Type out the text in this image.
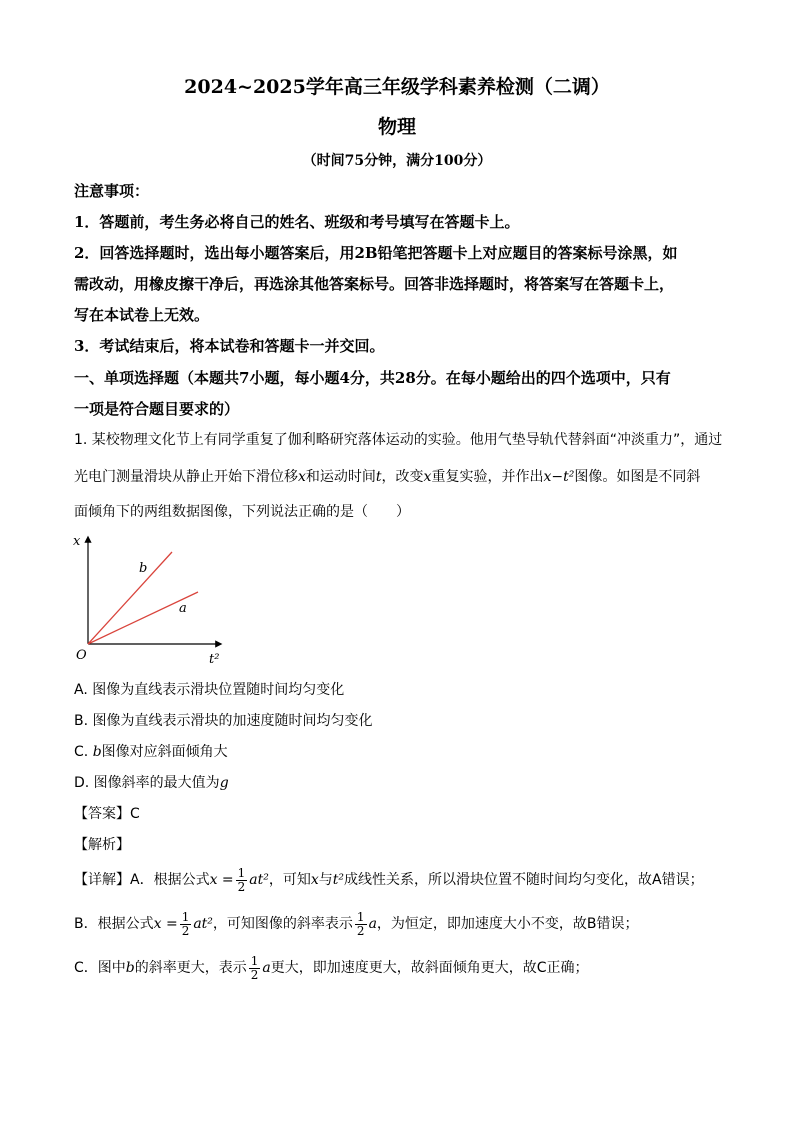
2024~2025学年高三年级学科素养检测（二调）
物理
（时间75分钟，满分100分）
注意事项：
1．答题前，考生务必将自己的姓名、班级和考号填写在答题卡上。
2．回答选择题时，选出每小题答案后，用2B铅笔把答题卡上对应题目的答案标号涂黑，如
需改动，用橡皮擦干净后，再选涂其他答案标号。回答非选择题时，将答案写在答题卡上，
写在本试卷上无效。
3．考试结束后，将本试卷和答题卡一并交回。
一、单项选择题（本题共7小题，每小题4分，共28分。在每小题给出的四个选项中，只有
一项是符合题目要求的）
1. 某校物理文化节上有同学重复了伽利略研究落体运动的实验。他用气垫导轨代替斜面“冲淡重力”，通过
光电门测量滑块从静止开始下滑位移x和运动时间t，改变x重复实验，并作出x−t²图像。如图是不同斜
面倾角下的两组数据图像，下列说法正确的是（　　）
x
t²
O
b
a
A. 图像为直线表示滑块位置随时间均匀变化
B. 图像为直线表示滑块的加速度随时间均匀变化
C. b图像对应斜面倾角大
D. 图像斜率的最大值为g
【答案】C
【解析】
【详解】A．根据公式$x = \frac{1}{2} at^2$，可知x与t²成线性关系，所以滑块位置不随时间均匀变化，故A错误；
B．根据公式$x = \frac{1}{2} at^2$，可知图像的斜率表示 $\frac{1}{2}$ a，为恒定，即加速度大小不变，故B错误；
C．图中b的斜率更大，表示 $\frac{1}{2}$ a更大，即加速度更大，故斜面倾角更大，故C正确；
